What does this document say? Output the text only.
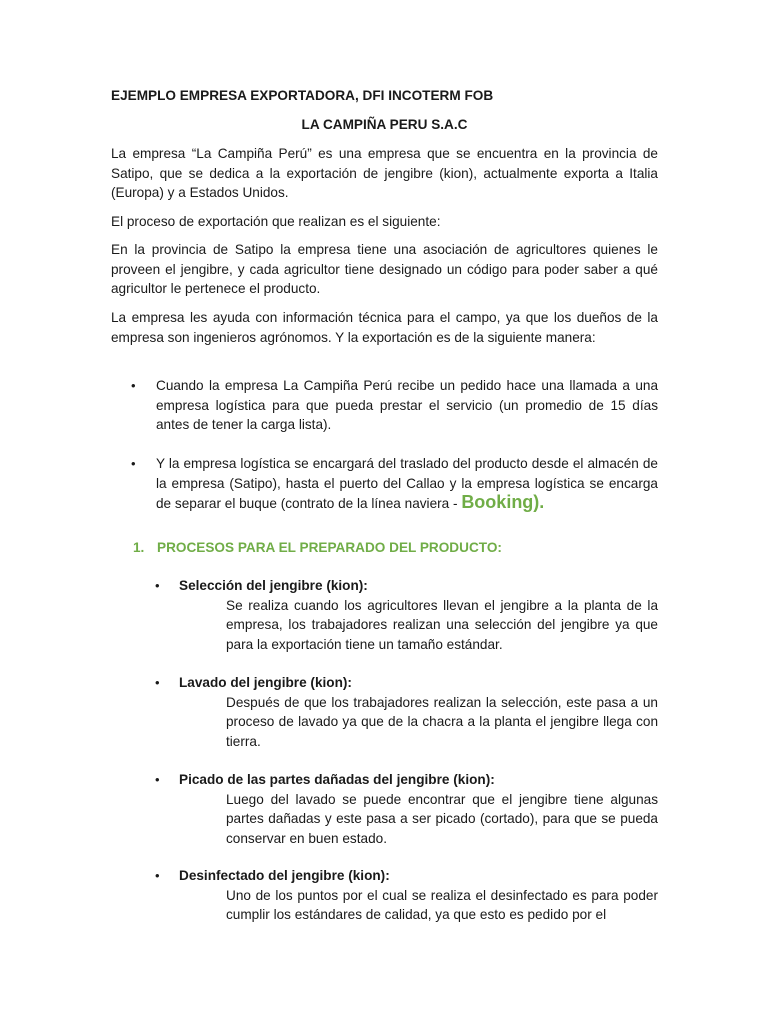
EJEMPLO EMPRESA EXPORTADORA, DFI INCOTERM FOB

LA CAMPIÑA PERU S.A.C

La empresa “La Campiña Perú” es una empresa que se encuentra en la provincia de Satipo, que se dedica a la exportación de jengibre (kion), actualmente exporta a Italia (Europa) y a Estados Unidos.

El proceso de exportación que realizan es el siguiente:

En la provincia de Satipo la empresa tiene una asociación de agricultores quienes le proveen el jengibre, y cada agricultor tiene designado un código para poder saber a qué agricultor le pertenece el producto.

La empresa les ayuda con información técnica para el campo, ya que los dueños de la empresa son ingenieros agrónomos. Y la exportación es de la siguiente manera:

• Cuando la empresa La Campiña Perú recibe un pedido hace una llamada a una empresa logística para que pueda prestar el servicio (un promedio de 15 días antes de tener la carga lista).

• Y la empresa logística se encargará del traslado del producto desde el almacén de la empresa (Satipo), hasta el puerto del Callao y la empresa logística se encarga de separar el buque (contrato de la línea naviera - Booking).

1. PROCESOS PARA EL PREPARADO DEL PRODUCTO:

• Selección del jengibre (kion):

Se realiza cuando los agricultores llevan el jengibre a la planta de la empresa, los trabajadores realizan una selección del jengibre ya que para la exportación tiene un tamaño estándar.

• Lavado del jengibre (kion):

Después de que los trabajadores realizan la selección, este pasa a un proceso de lavado ya que de la chacra a la planta el jengibre llega con tierra.

• Picado de las partes dañadas del jengibre (kion):

Luego del lavado se puede encontrar que el jengibre tiene algunas partes dañadas y este pasa a ser picado (cortado), para que se pueda conservar en buen estado.

• Desinfectado del jengibre (kion):

Uno de los puntos por el cual se realiza el desinfectado es para poder cumplir los estándares de calidad, ya que esto es pedido por el
